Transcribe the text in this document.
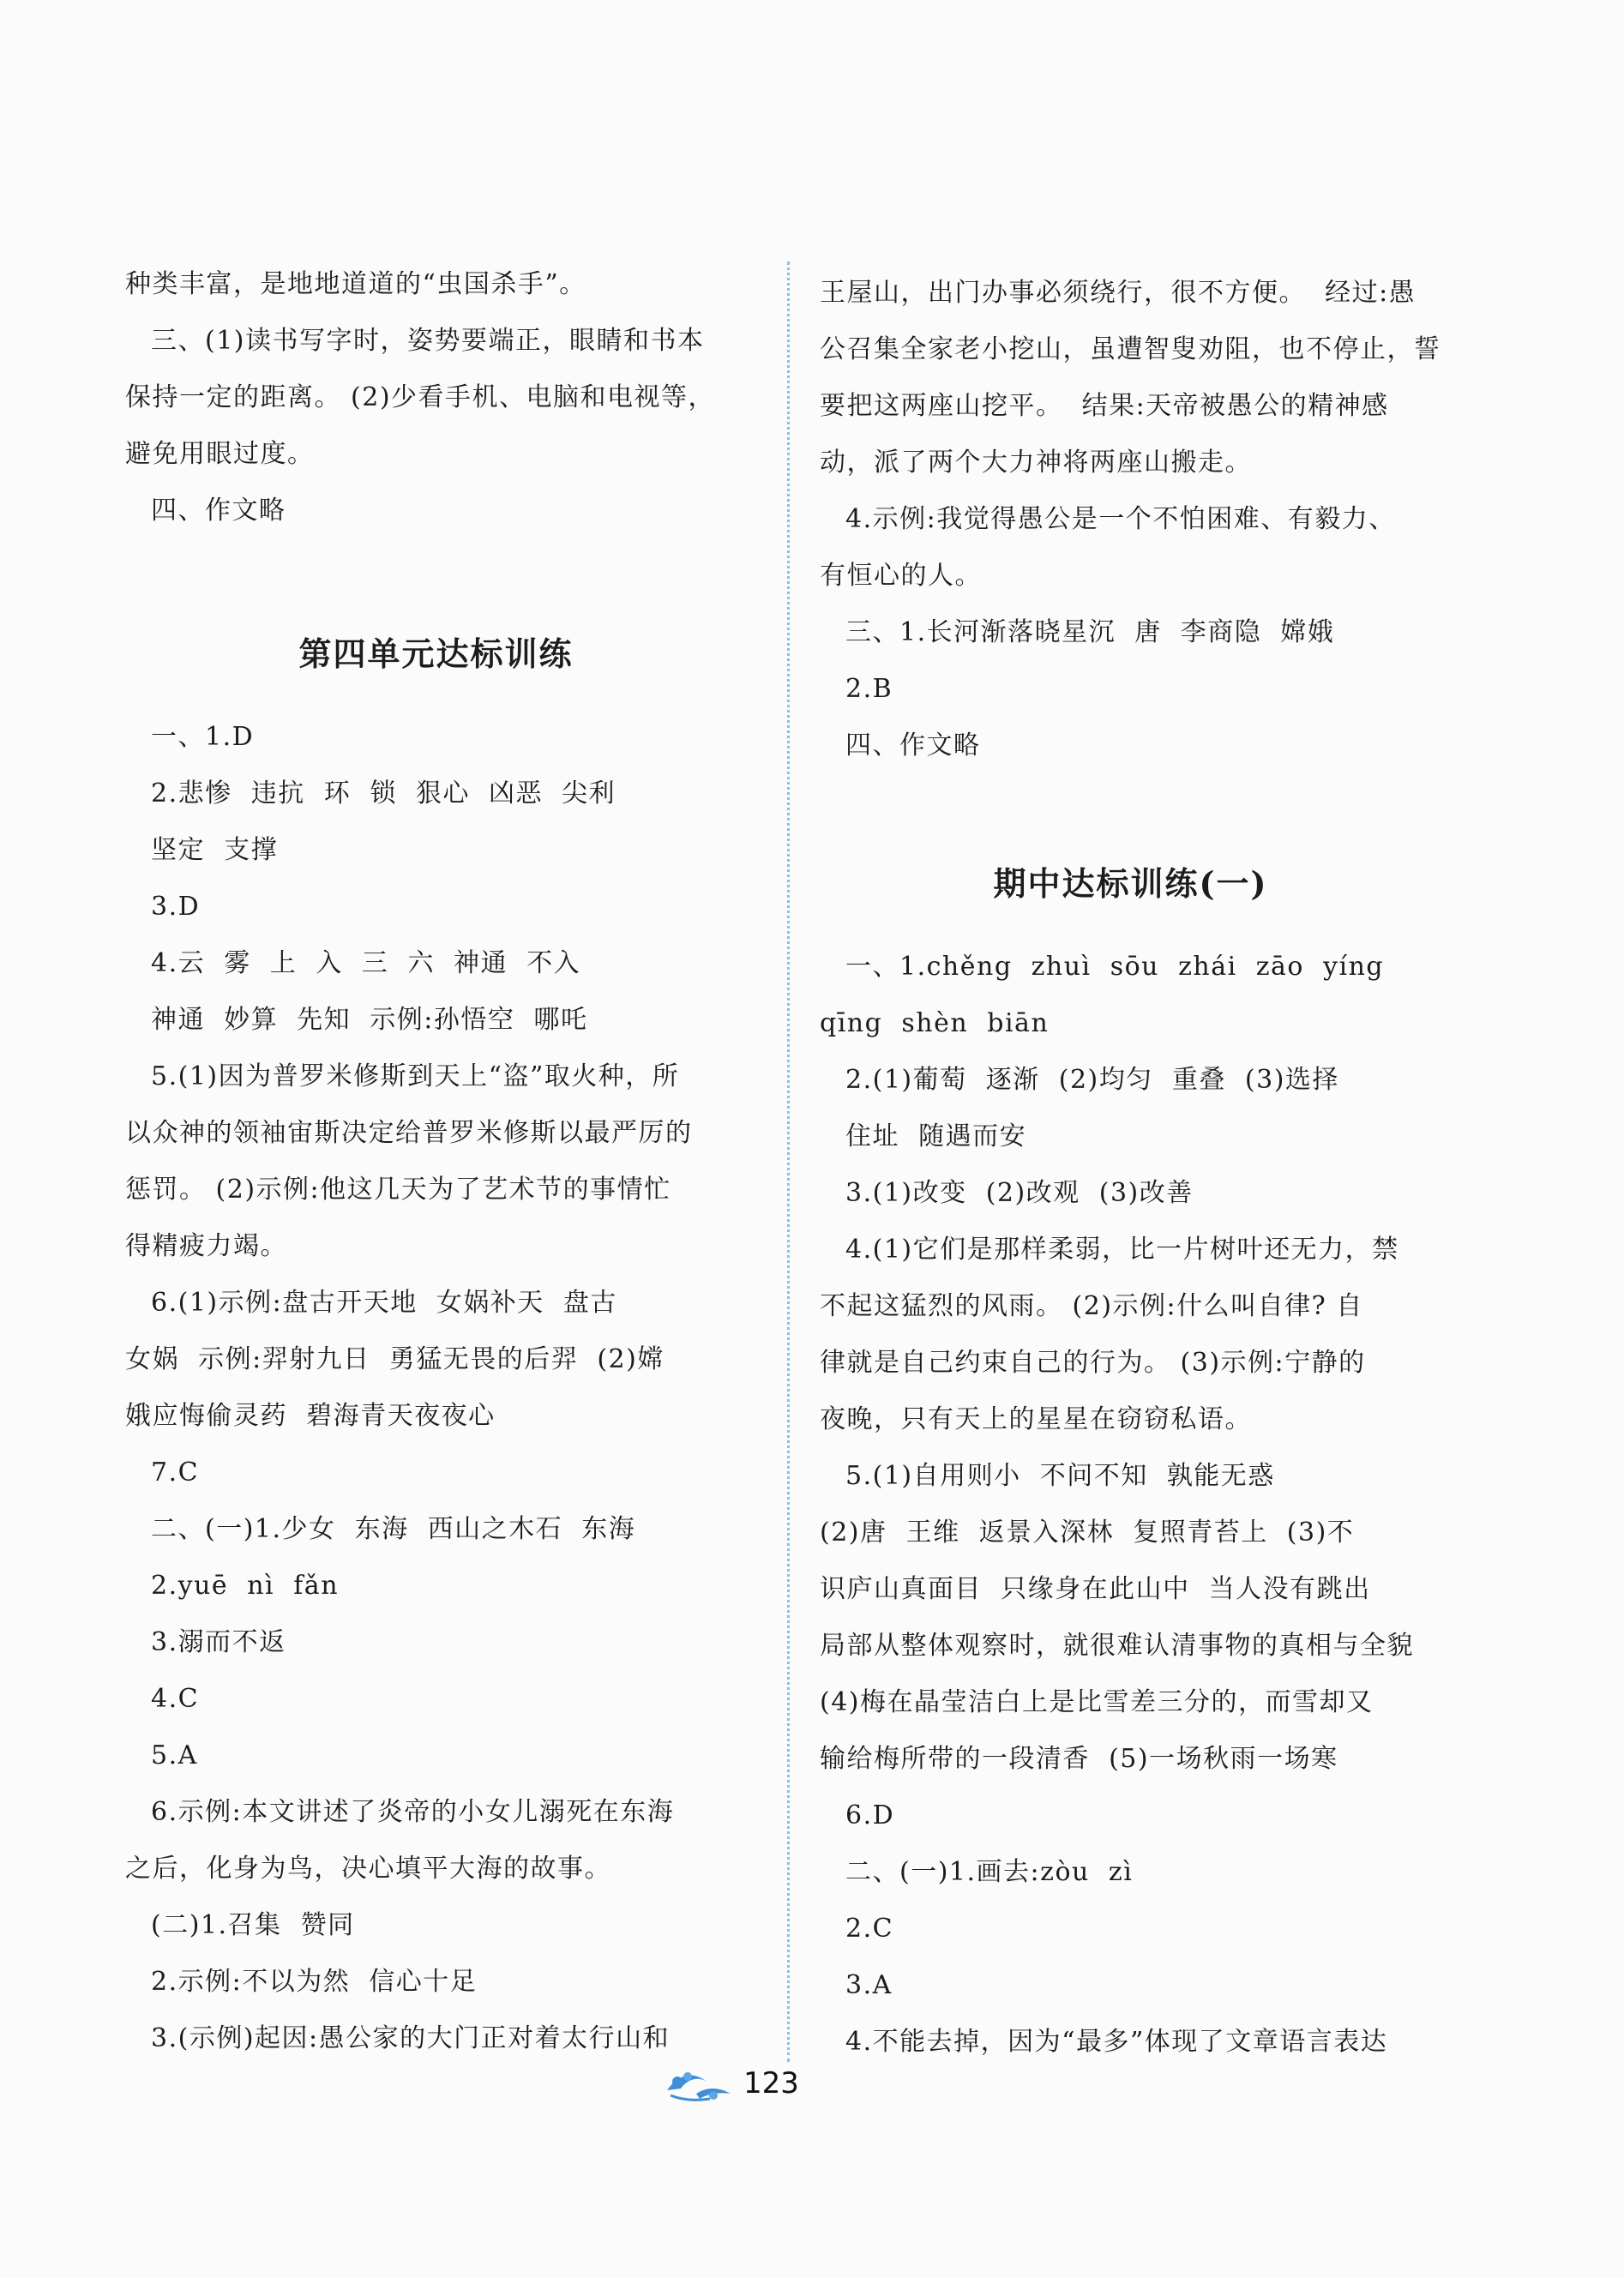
种类丰富，是地地道道的“虫国杀手”。
三、(1)读书写字时，姿势要端正，眼睛和书本
保持一定的距离。 (2)少看手机、电脑和电视等，
避免用眼过度。
四、作文略
第四单元达标训练
一、1.D
2.悲惨  违抗  环  锁  狠心  凶恶  尖利
坚定  支撑
3.D
4.云  雾  上  入  三  六  神通  不入
神通  妙算  先知  示例:孙悟空  哪吒
5.(1)因为普罗米修斯到天上“盗”取火种，所
以众神的领袖宙斯决定给普罗米修斯以最严厉的
惩罚。 (2)示例:他这几天为了艺术节的事情忙
得精疲力竭。
6.(1)示例:盘古开天地  女娲补天  盘古
女娲  示例:羿射九日  勇猛无畏的后羿  (2)嫦
娥应悔偷灵药  碧海青天夜夜心
7.C
二、(一)1.少女  东海  西山之木石  东海
2.yuē  nì  fǎn
3.溺而不返
4.C
5.A
6.示例:本文讲述了炎帝的小女儿溺死在东海
之后，化身为鸟，决心填平大海的故事。
(二)1.召集  赞同
2.示例:不以为然  信心十足
3.(示例)起因:愚公家的大门正对着太行山和
王屋山，出门办事必须绕行，很不方便。  经过:愚
公召集全家老小挖山，虽遭智叟劝阻，也不停止，誓
要把这两座山挖平。  结果:天帝被愚公的精神感
动，派了两个大力神将两座山搬走。
4.示例:我觉得愚公是一个不怕困难、有毅力、
有恒心的人。
三、1.长河渐落晓星沉  唐  李商隐  嫦娥
2.B
四、作文略
期中达标训练(一)
一、1.chěng  zhuì  sōu  zhái  zāo  yíng
qīng  shèn  biān
2.(1)葡萄  逐渐  (2)均匀  重叠  (3)选择
住址  随遇而安
3.(1)改变  (2)改观  (3)改善
4.(1)它们是那样柔弱，比一片树叶还无力，禁
不起这猛烈的风雨。 (2)示例:什么叫自律? 自
律就是自己约束自己的行为。 (3)示例:宁静的
夜晚，只有天上的星星在窃窃私语。
5.(1)自用则小  不问不知  孰能无惑
(2)唐  王维  返景入深林  复照青苔上  (3)不
识庐山真面目  只缘身在此山中  当人没有跳出
局部从整体观察时，就很难认清事物的真相与全貌
(4)梅在晶莹洁白上是比雪差三分的，而雪却又
输给梅所带的一段清香  (5)一场秋雨一场寒
6.D
二、(一)1.画去:zòu  zì
2.C
3.A
4.不能去掉，因为“最多”体现了文章语言表达
123
